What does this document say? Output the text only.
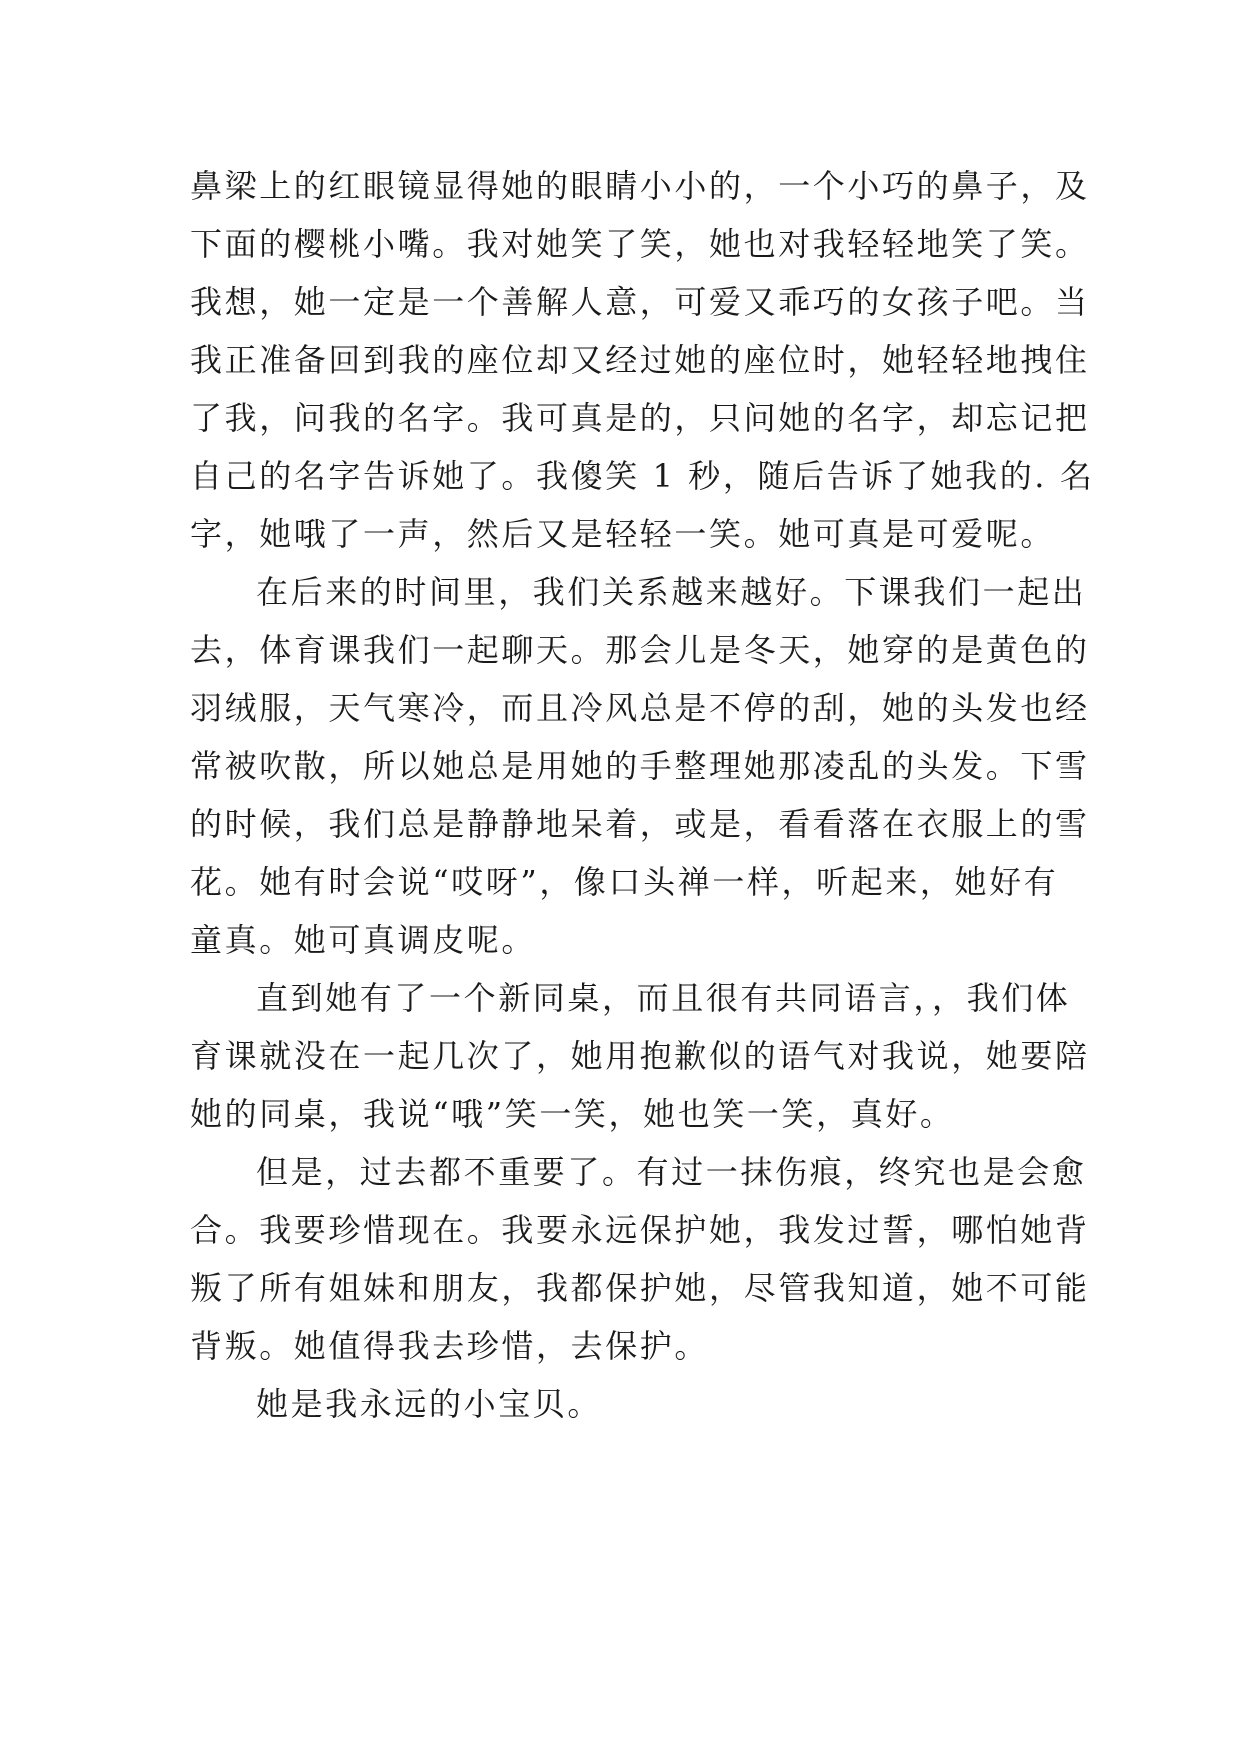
鼻梁上的红眼镜显得她的眼睛小小的，一个小巧的鼻子，及
下面的樱桃小嘴。我对她笑了笑，她也对我轻轻地笑了笑。
我想，她一定是一个善解人意，可爱又乖巧的女孩子吧。当
我正准备回到我的座位却又经过她的座位时，她轻轻地拽住
了我，问我的名字。我可真是的，只问她的名字，却忘记把
自己的名字告诉她了。我傻笑 1 秒，随后告诉了她我的. 名
字，她哦了一声，然后又是轻轻一笑。她可真是可爱呢。
在后来的时间里，我们关系越来越好。下课我们一起出
去，体育课我们一起聊天。那会儿是冬天，她穿的是黄色的
羽绒服，天气寒冷，而且冷风总是不停的刮，她的头发也经
常被吹散，所以她总是用她的手整理她那凌乱的头发。下雪
的时候，我们总是静静地呆着，或是，看看落在衣服上的雪
花。她有时会说“哎呀”，像口头禅一样，听起来，她好有
童真。她可真调皮呢。
直到她有了一个新同桌，而且很有共同语言，，我们体
育课就没在一起几次了，她用抱歉似的语气对我说，她要陪
她的同桌，我说“哦”笑一笑，她也笑一笑，真好。
但是，过去都不重要了。有过一抹伤痕，终究也是会愈
合。我要珍惜现在。我要永远保护她，我发过誓，哪怕她背
叛了所有姐妹和朋友，我都保护她，尽管我知道，她不可能
背叛。她值得我去珍惜，去保护。
她是我永远的小宝贝。
